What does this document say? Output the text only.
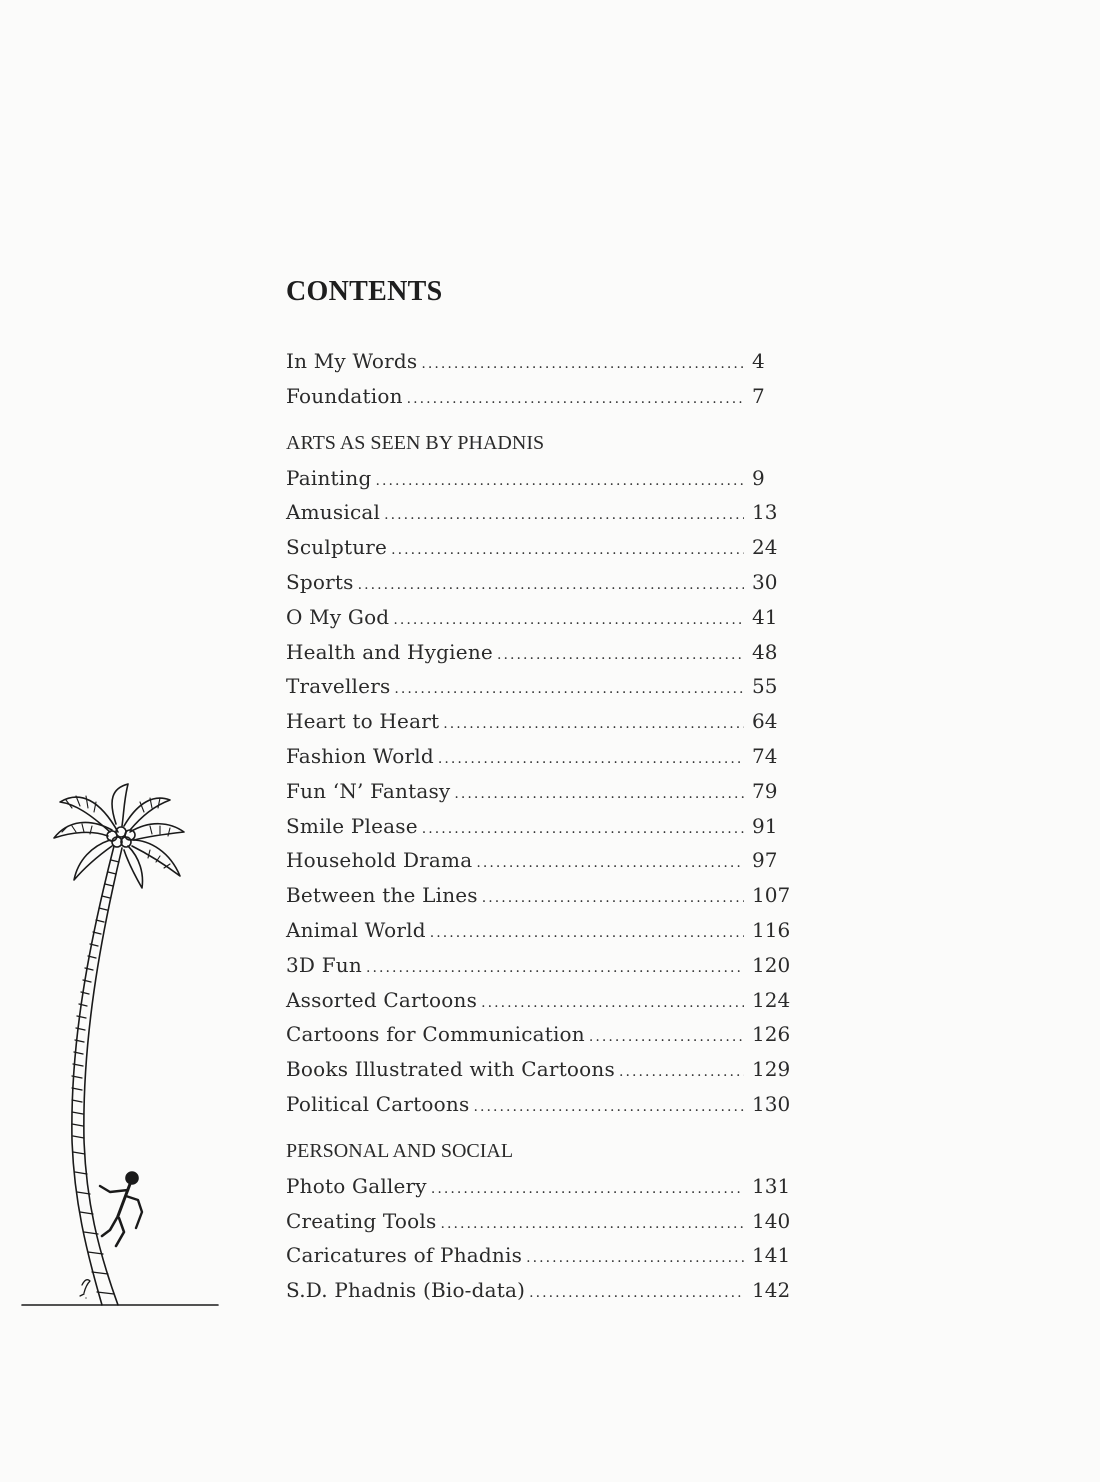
CONTENTS
In My Words . . .	4
Foundation . . .	7
ARTS AS SEEN BY PHADNIS
Painting . . .	9
Amusical . . .	13
Sculpture . . .	24
Sports . . .	30
O My God . . .	41
Health and Hygiene . . .	48
Travellers . . .	55
Heart to Heart . . .	64
Fashion World . . .	74
Fun ‘N’ Fantasy . . .	79
Smile Please . . .	91
Household Drama . . .	97
Between the Lines . . .	107
Animal World . . .	116
3D Fun . . .	120
Assorted Cartoons . . .	124
Cartoons for Communication . . .	126
Books Illustrated with Cartoons . . .	129
Political Cartoons . . .	130
PERSONAL AND SOCIAL
Photo Gallery . . .	131
Creating Tools . . .	140
Caricatures of Phadnis . . .	141
S.D. Phadnis (Bio-data) . . .	142
